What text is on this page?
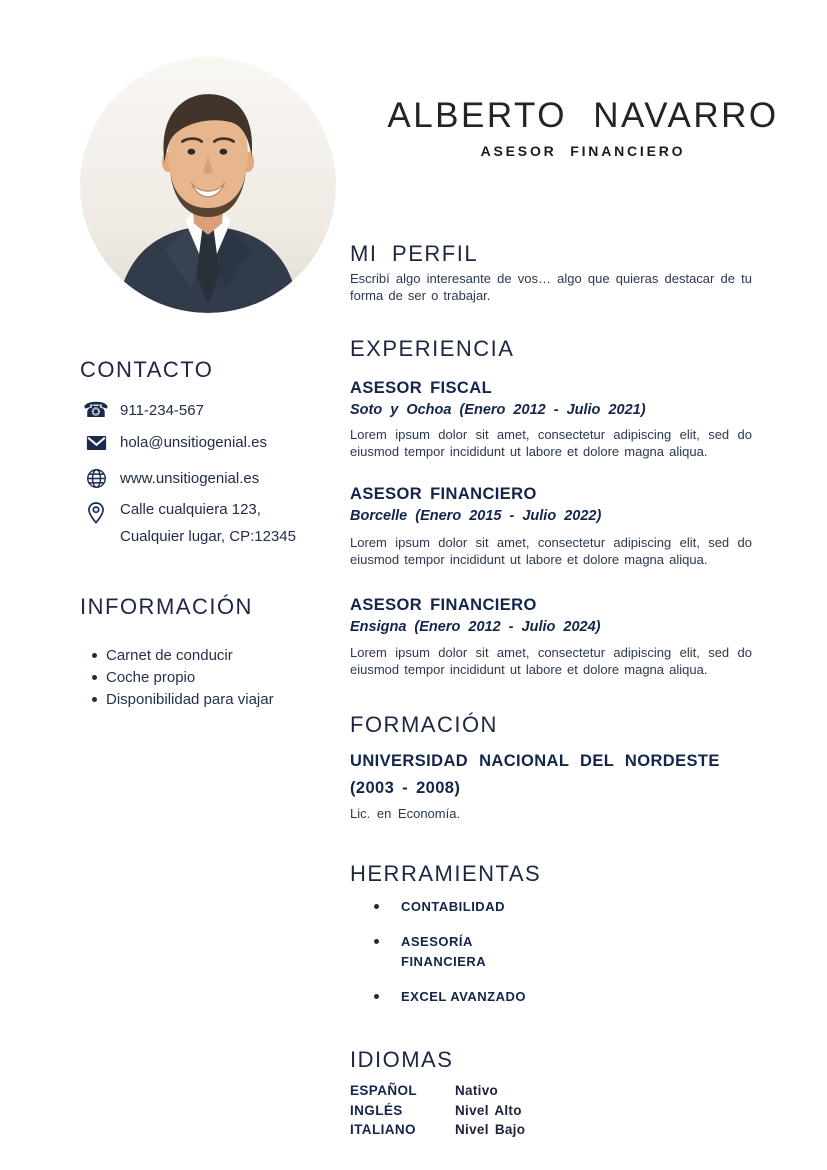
ALBERTO NAVARRO
ASESOR FINANCIERO
CONTACTO
☎ 911-234-567
hola@unsitiogenial.es
www.unsitiogenial.es
Calle cualquiera 123,
Cualquier lugar, CP:12345
INFORMACIÓN
Carnet de conducir
Coche propio
Disponibilidad para viajar
MI PERFIL

Escribí algo interesante de vos… algo que quieras destacar de tu forma de ser o trabajar.

EXPERIENCIA
ASESOR FISCAL
Soto y Ochoa (Enero 2012 - Julio 2021)

Lorem ipsum dolor sit amet, consectetur adipiscing elit, sed do eiusmod tempor incididunt ut labore et dolore magna aliqua.

ASESOR FINANCIERO
Borcelle (Enero 2015 - Julio 2022)

Lorem ipsum dolor sit amet, consectetur adipiscing elit, sed do eiusmod tempor incididunt ut labore et dolore magna aliqua.

ASESOR FINANCIERO
Ensigna (Enero 2012 - Julio 2024)

Lorem ipsum dolor sit amet, consectetur adipiscing elit, sed do eiusmod tempor incididunt ut labore et dolore magna aliqua.

FORMACIÓN
UNIVERSIDAD NACIONAL DEL NORDESTE
(2003 - 2008)

Lic. en Economía.

HERRAMIENTAS
CONTABILIDAD
ASESORÍA FINANCIERA
EXCEL AVANZADO
IDIOMAS
ESPAÑOL	Nativo
INGLÉS	Nivel Alto
ITALIANO	Nivel Bajo
